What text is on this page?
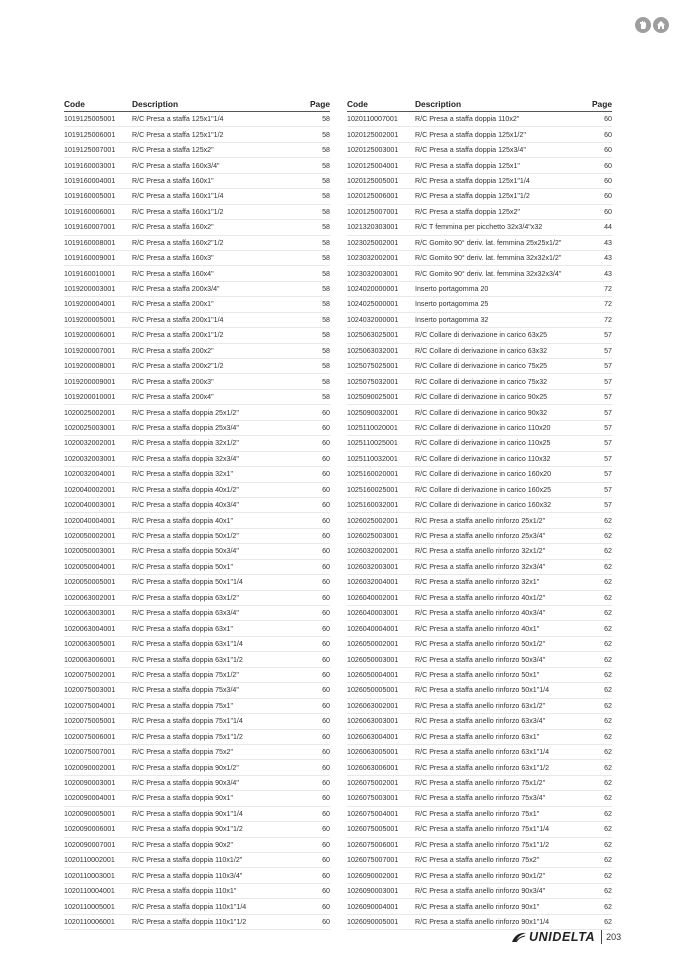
Code	Description	Page
1019125005001	R/C Presa a staffa 125x1"1/4	58
1019125006001	R/C Presa a staffa 125x1"1/2	58
1019125007001	R/C Presa a staffa 125x2"	58
1019160003001	R/C Presa a staffa 160x3/4"	58
1019160004001	R/C Presa a staffa 160x1"	58
1019160005001	R/C Presa a staffa 160x1"1/4	58
1019160006001	R/C Presa a staffa 160x1"1/2	58
1019160007001	R/C Presa a staffa 160x2"	58
1019160008001	R/C Presa a staffa 160x2"1/2	58
1019160009001	R/C Presa a staffa 160x3"	58
1019160010001	R/C Presa a staffa 160x4"	58
1019200003001	R/C Presa a staffa 200x3/4"	58
1019200004001	R/C Presa a staffa 200x1"	58
1019200005001	R/C Presa a staffa 200x1"1/4	58
1019200006001	R/C Presa a staffa 200x1"1/2	58
1019200007001	R/C Presa a staffa 200x2"	58
1019200008001	R/C Presa a staffa 200x2"1/2	58
1019200009001	R/C Presa a staffa 200x3"	58
1019200010001	R/C Presa a staffa 200x4"	58
1020025002001	R/C Presa a staffa doppia 25x1/2"	60
1020025003001	R/C Presa a staffa doppia 25x3/4"	60
1020032002001	R/C Presa a staffa doppia 32x1/2"	60
1020032003001	R/C Presa a staffa doppia 32x3/4"	60
1020032004001	R/C Presa a staffa doppia 32x1"	60
1020040002001	R/C Presa a staffa doppia 40x1/2"	60
1020040003001	R/C Presa a staffa doppia 40x3/4"	60
1020040004001	R/C Presa a staffa doppia 40x1"	60
1020050002001	R/C Presa a staffa doppia 50x1/2"	60
1020050003001	R/C Presa a staffa doppia 50x3/4"	60
1020050004001	R/C Presa a staffa doppia 50x1"	60
1020050005001	R/C Presa a staffa doppia 50x1"1/4	60
1020063002001	R/C Presa a staffa doppia 63x1/2"	60
1020063003001	R/C Presa a staffa doppia 63x3/4"	60
1020063004001	R/C Presa a staffa doppia 63x1"	60
1020063005001	R/C Presa a staffa doppia 63x1"1/4	60
1020063006001	R/C Presa a staffa doppia 63x1"1/2	60
1020075002001	R/C Presa a staffa doppia 75x1/2"	60
1020075003001	R/C Presa a staffa doppia 75x3/4"	60
1020075004001	R/C Presa a staffa doppia 75x1"	60
1020075005001	R/C Presa a staffa doppia 75x1"1/4	60
1020075006001	R/C Presa a staffa doppia 75x1"1/2	60
1020075007001	R/C Presa a staffa doppia 75x2"	60
1020090002001	R/C Presa a staffa doppia 90x1/2"	60
1020090003001	R/C Presa a staffa doppia 90x3/4"	60
1020090004001	R/C Presa a staffa doppia 90x1"	60
1020090005001	R/C Presa a staffa doppia 90x1"1/4	60
1020090006001	R/C Presa a staffa doppia 90x1"1/2	60
1020090007001	R/C Presa a staffa doppia 90x2"	60
1020110002001	R/C Presa a staffa doppia 110x1/2"	60
1020110003001	R/C Presa a staffa doppia 110x3/4"	60
1020110004001	R/C Presa a staffa doppia 110x1"	60
1020110005001	R/C Presa a staffa doppia 110x1"1/4	60
1020110006001	R/C Presa a staffa doppia 110x1"1/2	60
Code	Description	Page
1020110007001	R/C Presa a staffa doppia 110x2"	60
1020125002001	R/C Presa a staffa doppia 125x1/2"	60
1020125003001	R/C Presa a staffa doppia 125x3/4"	60
1020125004001	R/C Presa a staffa doppia 125x1"	60
1020125005001	R/C Presa a staffa doppia 125x1"1/4	60
1020125006001	R/C Presa a staffa doppia 125x1"1/2	60
1020125007001	R/C Presa a staffa doppia 125x2"	60
1021320303001	R/C T femmina per picchetto 32x3/4"x32	44
1023025002001	R/C Gomito 90° deriv. lat. femmina 25x25x1/2"	43
1023032002001	R/C Gomito 90° deriv. lat. femmina 32x32x1/2"	43
1023032003001	R/C Gomito 90° deriv. lat. femmina 32x32x3/4"	43
1024020000001	Inserto portagomma 20	72
1024025000001	Inserto portagomma 25	72
1024032000001	Inserto portagomma 32	72
1025063025001	R/C Collare di derivazione in carico 63x25	57
1025063032001	R/C Collare di derivazione in carico 63x32	57
1025075025001	R/C Collare di derivazione in carico 75x25	57
1025075032001	R/C Collare di derivazione in carico 75x32	57
1025090025001	R/C Collare di derivazione in carico 90x25	57
1025090032001	R/C Collare di derivazione in carico 90x32	57
1025110020001	R/C Collare di derivazione in carico 110x20	57
1025110025001	R/C Collare di derivazione in carico 110x25	57
1025110032001	R/C Collare di derivazione in carico 110x32	57
1025160020001	R/C Collare di derivazione in carico 160x20	57
1025160025001	R/C Collare di derivazione in carico 160x25	57
1025160032001	R/C Collare di derivazione in carico 160x32	57
1026025002001	R/C Presa a staffa anello rinforzo 25x1/2"	62
1026025003001	R/C Presa a staffa anello rinforzo 25x3/4"	62
1026032002001	R/C Presa a staffa anello rinforzo 32x1/2"	62
1026032003001	R/C Presa a staffa anello rinforzo 32x3/4"	62
1026032004001	R/C Presa a staffa anello rinforzo 32x1"	62
1026040002001	R/C Presa a staffa anello rinforzo 40x1/2"	62
1026040003001	R/C Presa a staffa anello rinforzo 40x3/4"	62
1026040004001	R/C Presa a staffa anello rinforzo 40x1"	62
1026050002001	R/C Presa a staffa anello rinforzo 50x1/2"	62
1026050003001	R/C Presa a staffa anello rinforzo 50x3/4"	62
1026050004001	R/C Presa a staffa anello rinforzo 50x1"	62
1026050005001	R/C Presa a staffa anello rinforzo 50x1"1/4	62
1026063002001	R/C Presa a staffa anello rinforzo 63x1/2"	62
1026063003001	R/C Presa a staffa anello rinforzo 63x3/4"	62
1026063004001	R/C Presa a staffa anello rinforzo 63x1"	62
1026063005001	R/C Presa a staffa anello rinforzo 63x1"1/4	62
1026063006001	R/C Presa a staffa anello rinforzo 63x1"1/2	62
1026075002001	R/C Presa a staffa anello rinforzo 75x1/2"	62
1026075003001	R/C Presa a staffa anello rinforzo 75x3/4"	62
1026075004001	R/C Presa a staffa anello rinforzo 75x1"	62
1026075005001	R/C Presa a staffa anello rinforzo 75x1"1/4	62
1026075006001	R/C Presa a staffa anello rinforzo 75x1"1/2	62
1026075007001	R/C Presa a staffa anello rinforzo 75x2"	62
1026090002001	R/C Presa a staffa anello rinforzo 90x1/2"	62
1026090003001	R/C Presa a staffa anello rinforzo 90x3/4"	62
1026090004001	R/C Presa a staffa anello rinforzo 90x1"	62
1026090005001	R/C Presa a staffa anello rinforzo 90x1"1/4	62
UNIDELTA 203
